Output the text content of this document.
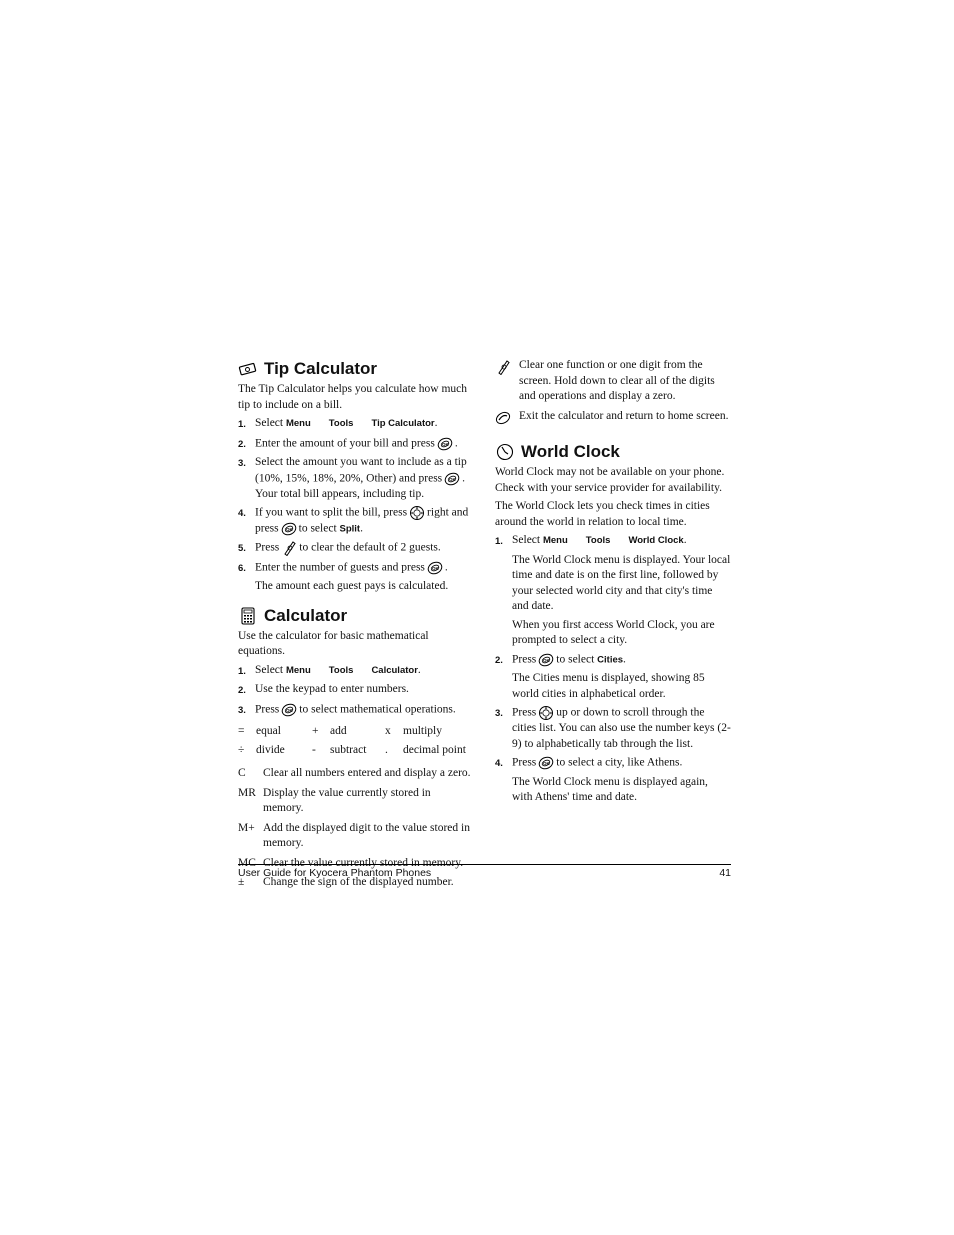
Tip Calculator

The Tip Calculator helps you calculate how much tip to include on a bill.

1. Select Menu Tools Tip Calculator.
2. Enter the amount of your bill and press .
3. Select the amount you want to include as a tip (10%, 15%, 18%, 20%, Other) and press . Your total bill appears, including tip.
4. If you want to split the bill, press right and press to select Split.
5. Press to clear the default of 2 guests.
6. Enter the number of guests and press .
The amount each guest pays is calculated.
Calculator

Use the calculator for basic mathematical equations.

1. Select Menu Tools Calculator.
2. Use the keypad to enter numbers.
3. Press to select mathematical operations.
=	equal	+	add	x	multiply
÷	divide	-	subtract	.	decimal point
C	Clear all numbers entered and display a zero.
MR Display the value currently stored in memory.
M+ Add the displayed digit to the value stored in memory.
MC Clear the value currently stored in memory.
±	Change the sign of the displayed number.
Clear one function or one digit from the screen. Hold down to clear all of the digits and operations and display a zero.
Exit the calculator and return to home screen.
World Clock

World Clock may not be available on your phone. Check with your service provider for availability.

The World Clock lets you check times in cities around the world in relation to local time.

1. Select Menu Tools World Clock.
The World Clock menu is displayed. Your local time and date is on the first line, followed by your selected world city and that city's time and date.
When you first access World Clock, you are prompted to select a city.
2. Press to select Cities.
The Cities menu is displayed, showing 85 world cities in alphabetical order.
3. Press up or down to scroll through the cities list. You can also use the number keys (2-9) to alphabetically tab through the list.
4. Press to select a city, like Athens.
The World Clock menu is displayed again, with Athens' time and date.
User Guide for Kyocera Phantom Phones	41
